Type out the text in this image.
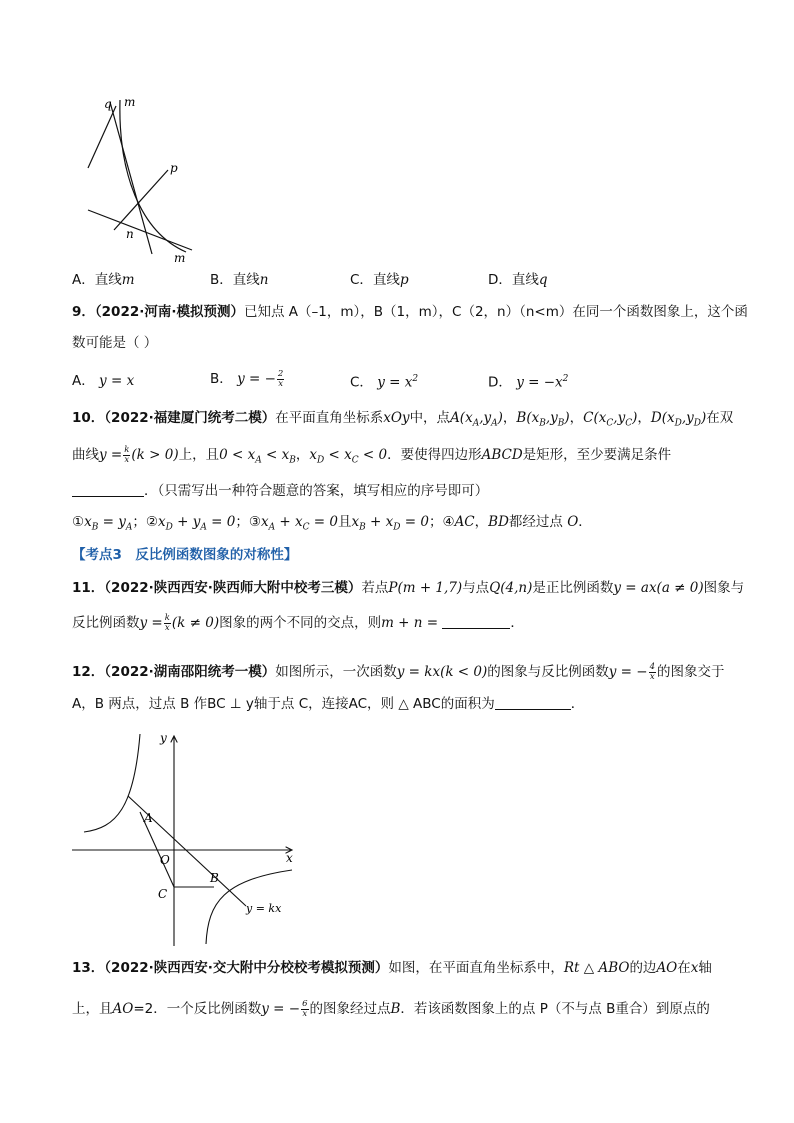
q m
p
n
m
A．直线m	B．直线n	C．直线p	D．直线q
9．（2022·河南·模拟预测）已知点 A（–1，m），B（1，m），C（2，n）（n<m）在同一个函数图象上，这个函
数可能是（ ）
A． y = x	B． y = − $\frac{2}{x}$	C． $y = x^2$	D． $y = -x^2$
10．（2022·福建厦门统考二模）在平面直角坐标系xOy中，点$A(x_A,y_A)$，$B(x_B,y_B)$，$C(x_C,y_C)$，$D(x_D,y_D)$在双
曲线$y = \frac{k}{x} (k > 0)$上，且$0 < x_A < x_B$，$x_D < x_C < 0$．要使得四边形ABCD是矩形，至少要满足条件
．（只需写出一种符合题意的答案，填写相应的序号即可）
$①x_B = y_A$；$②x_D + y_A = 0$；$③x_A + x_C = 0$且$x_B + x_D = 0$；④AC，BD都经过点 O．
【考点3　反比例函数图象的对称性】
11．（2022·陕西西安·陕西师大附中校考三模）若点P(m + 1,7)与点Q(4,n)是正比例函数y = ax(a ≠ 0)图象与
反比例函数$y = \frac{k}{x} (k \ne 0)$图象的两个不同的交点，则m + n =	．
12．（2022·湖南邵阳统考一模）如图所示，一次函数y = kx(k < 0)的图象与反比例函数y = − $\frac{4}{x}$ 的图象交于
A，B 两点，过点 B 作BC ⊥ y轴于点 C，连接AC，则 △ ABC的面积为	．
y
x
A
O
B
C
y = kx
13．（2022·陕西西安·交大附中分校校考模拟预测）如图，在平面直角坐标系中，Rt △ ABO的边AO在x轴
上，且AO=2．一个反比例函数y = − $\frac{6}{x}$ 的图象经过点B．若该函数图象上的点 P（不与点 B重合）到原点的
